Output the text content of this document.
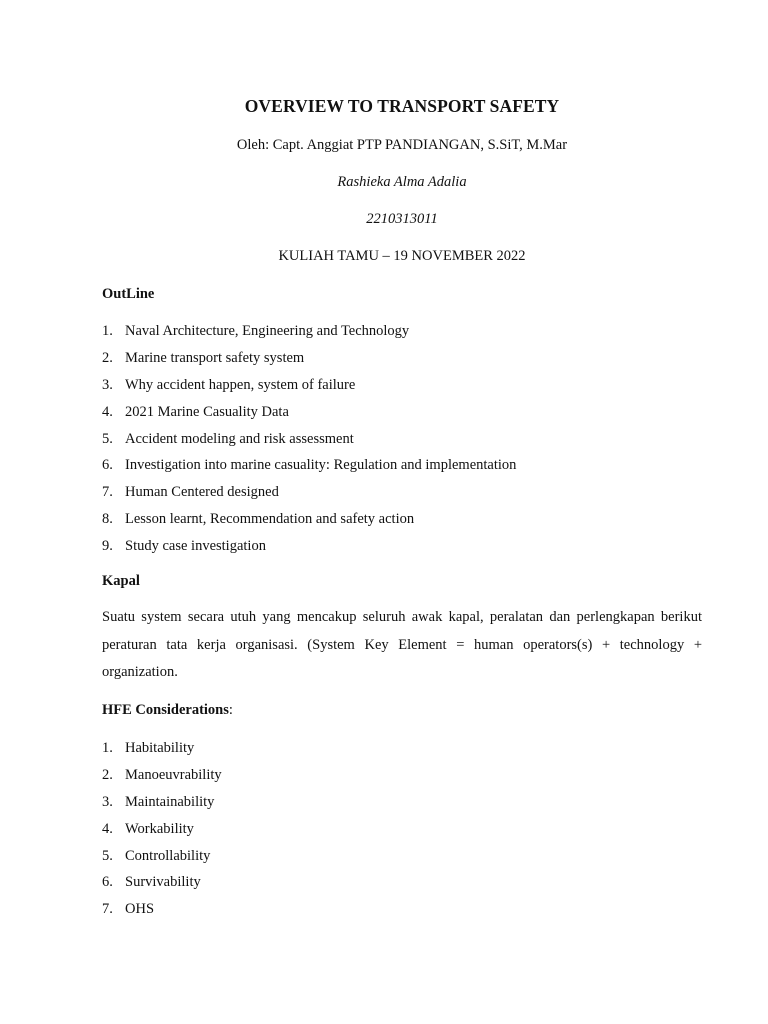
OVERVIEW TO TRANSPORT SAFETY
Oleh: Capt. Anggiat PTP PANDIANGAN, S.SiT, M.Mar
Rashieka Alma Adalia
2210313011
KULIAH TAMU – 19 NOVEMBER 2022
OutLine
1. Naval Architecture, Engineering and Technology
2. Marine transport safety system
3. Why accident happen, system of failure
4. 2021 Marine Casuality Data
5. Accident modeling and risk assessment
6. Investigation into marine casuality: Regulation and implementation
7. Human Centered designed
8. Lesson learnt, Recommendation and safety action
9. Study case investigation
Kapal
Suatu system secara utuh yang mencakup seluruh awak kapal, peralatan dan perlengkapan berikut peraturan tata kerja organisasi. (System Key Element = human operators(s) + technology + organization.
HFE Considerations:
1. Habitability
2. Manoeuvrability
3. Maintainability
4. Workability
5. Controllability
6. Survivability
7. OHS
